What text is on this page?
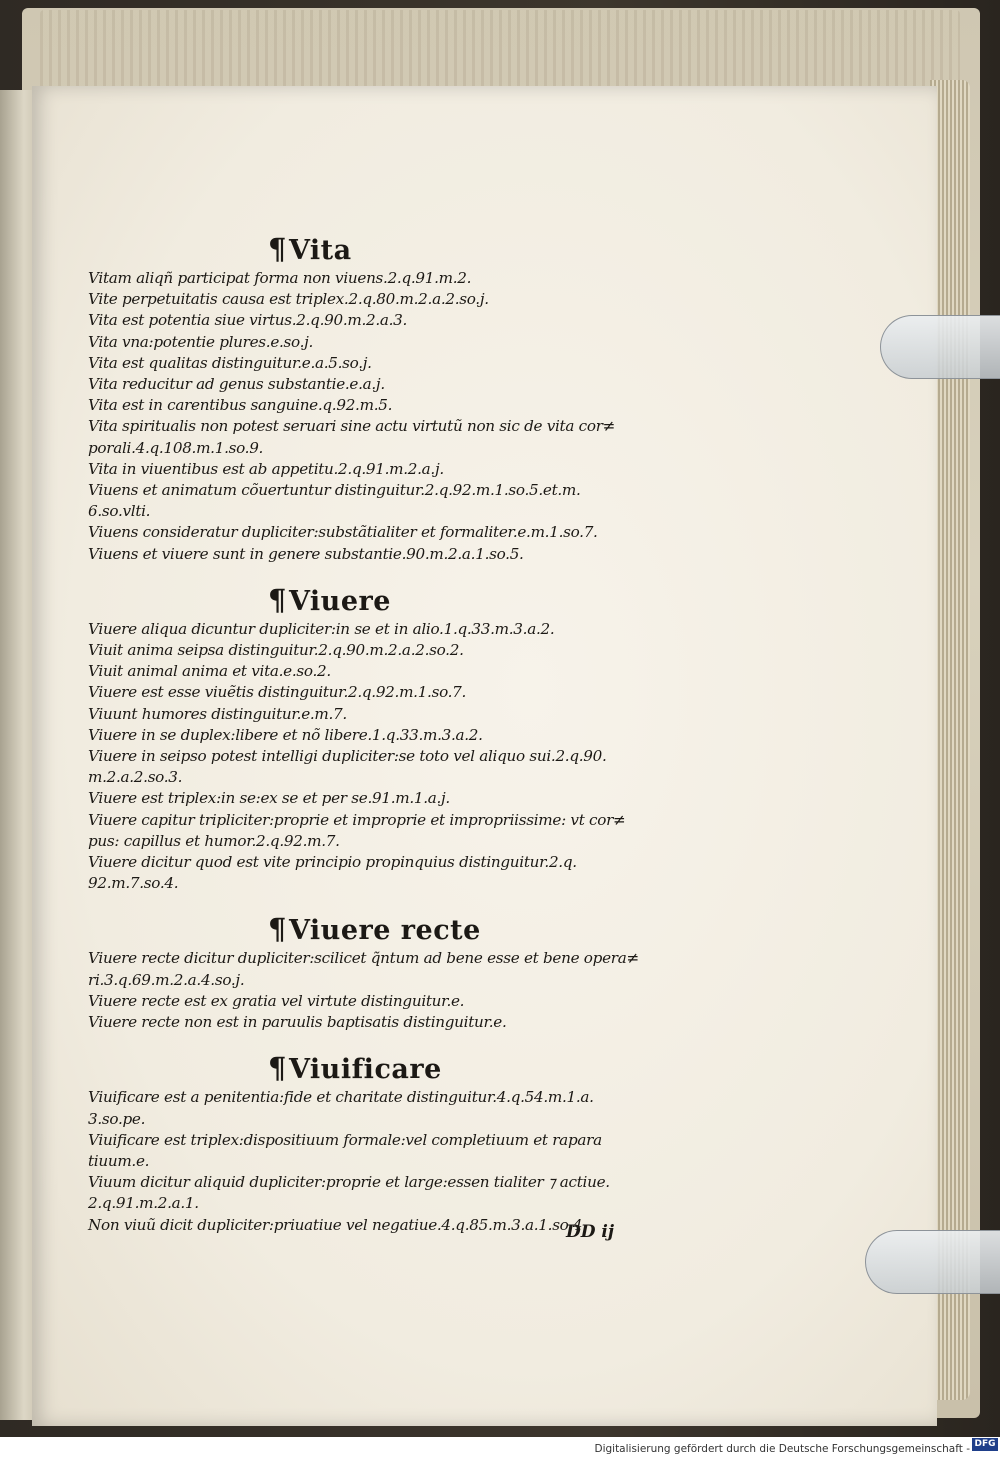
¶Vita
Vitam aliqñ participat forma non viuens.2.q.91.m.2.
Vite perpetuitatis causa est triplex.2.q.80.m.2.a.2.so.j.
Vita est potentia siue virtus.2.q.90.m.2.a.3.
Vita vna:potentie plures.e.so.j.
Vita est qualitas distinguitur.e.a.5.so.j.
Vita reducitur ad genus substantie.e.a.j.
Vita est in carentibus sanguine.q.92.m.5.
Vita spiritualis non potest seruari sine actu virtutũ non sic de vita cor≠
porali.4.q.108.m.1.so.9.
Vita in viuentibus est ab appetitu.2.q.91.m.2.a.j.
Viuens et animatum cõuertuntur distinguitur.2.q.92.m.1.so.5.et.m.
6.so.vlti.
Viuens consideratur dupliciter:substãtialiter et formaliter.e.m.1.so.7.
Viuens et viuere sunt in genere substantie.90.m.2.a.1.so.5.
¶Viuere
Viuere aliqua dicuntur dupliciter:in se et in alio.1.q.33.m.3.a.2.
Viuit anima seipsa distinguitur.2.q.90.m.2.a.2.so.2.
Viuit animal anima et vita.e.so.2.
Viuere est esse viuẽtis distinguitur.2.q.92.m.1.so.7.
Viuunt humores distinguitur.e.m.7.
Viuere in se duplex:libere et nõ libere.1.q.33.m.3.a.2.
Viuere in seipso potest intelligi dupliciter:se toto vel aliquo sui.2.q.90.
m.2.a.2.so.3.
Viuere est triplex:in se:ex se et per se.91.m.1.a.j.
Viuere capitur tripliciter:proprie et improprie et impropriissime: vt cor≠
pus: capillus et humor.2.q.92.m.7.
Viuere dicitur quod est vite principio propinquius distinguitur.2.q.
92.m.7.so.4.
¶Viuere recte
Viuere recte dicitur dupliciter:scilicet q̃ntum ad bene esse et bene opera≠
ri.3.q.69.m.2.a.4.so.j.
Viuere recte est ex gratia vel virtute distinguitur.e.
Viuere recte non est in paruulis baptisatis distinguitur.e.
¶Viuificare
Viuificare est a penitentia:fide et charitate distinguitur.4.q.54.m.1.a.
3.so.pe.
Viuificare est triplex:dispositiuum formale:vel completiuum et rapara
tiuum.e.
Viuum dicitur aliquid dupliciter:proprie et large:essen tialiter ⁊ actiue.
2.q.91.m.2.a.1.
Non viuũ dicit dupliciter:priuatiue vel negatiue.4.q.85.m.3.a.1.so.4.
DD ij
Digitalisierung gefördert durch die Deutsche Forschungsgemeinschaft - DFG
